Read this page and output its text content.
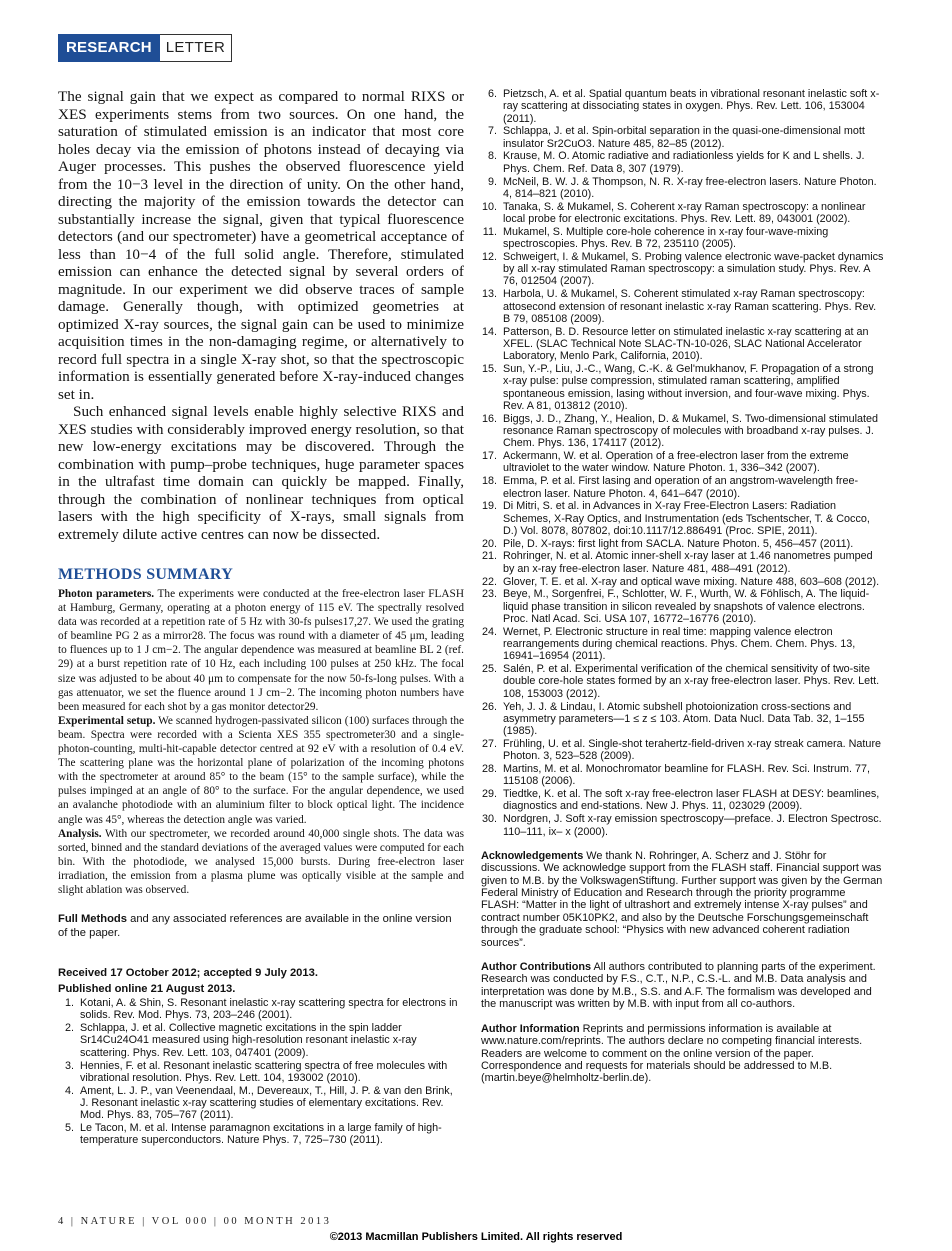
RESEARCH LETTER

The signal gain that we expect as compared to normal RIXS or XES experiments stems from two sources. On one hand, the saturation of stimulated emission is an indicator that most core holes decay via the emission of photons instead of decaying via Auger processes. This pushes the observed fluorescence yield from the 10−3 level in the direction of unity. On the other hand, directing the majority of the emission towards the detector can substantially increase the signal, given that typical fluorescence detectors (and our spectrometer) have a geometrical acceptance of less than 10−4 of the full solid angle. Therefore, stimulated emission can enhance the detected signal by several orders of magnitude. In our experiment we did observe traces of sample damage. Generally though, with optimized geometries at optimized X-ray sources, the signal gain can be used to minimize acquisition times in the non-damaging regime, or alternatively to record full spectra in a single X-ray shot, so that the spectroscopic information is essentially generated before X-ray-induced changes set in.

Such enhanced signal levels enable highly selective RIXS and XES studies with considerably improved energy resolution, so that new low-energy excitations may be discovered. Through the combination with pump–probe techniques, huge parameter spaces in the ultrafast time domain can quickly be mapped. Finally, through the combination of nonlinear techniques from optical lasers with the high specificity of X-rays, small signals from extremely dilute active centres can now be dissected.

METHODS SUMMARY

Photon parameters. The experiments were conducted at the free-electron laser FLASH at Hamburg, Germany, operating at a photon energy of 115 eV. The spectrally resolved data was recorded at a repetition rate of 5 Hz with 30-fs pulses17,27. We used the grating of beamline PG 2 as a mirror28. The focus was round with a diameter of 45 μm, leading to fluences up to 1 J cm−2. The angular dependence was measured at beamline BL 2 (ref. 29) at a burst repetition rate of 10 Hz, each including 100 pulses at 250 kHz. The focal size was adjusted to be about 40 μm to compensate for the now 50-fs-long pulses. With a gas attenuator, we set the fluence around 1 J cm−2. The incoming photon numbers have been measured for each shot by a gas monitor detector29.

Experimental setup. We scanned hydrogen-passivated silicon (100) surfaces through the beam. Spectra were recorded with a Scienta XES 355 spectrometer30 and a single-photon-counting, multi-hit-capable detector centred at 92 eV with a resolution of 0.4 eV. The scattering plane was the horizontal plane of polarization of the incoming photons with the spectrometer at around 85° to the beam (15° to the sample surface), while the pulses impinged at an angle of 80° to the surface. For the angular dependence, we used an avalanche photodiode with an aluminium filter to block optical light. The incidence angle was 45°, whereas the detection angle was varied.

Analysis. With our spectrometer, we recorded around 40,000 single shots. The data was sorted, binned and the standard deviations of the averaged values were computed for each bin. With the photodiode, we analysed 15,000 bursts. During free-electron laser irradiation, the emission from a plasma plume was optically visible at the sample and slight ablation was observed.

Full Methods and any associated references are available in the online version of the paper.

Received 17 October 2012; accepted 9 July 2013.
Published online 21 August 2013.
1. Kotani, A. & Shin, S. Resonant inelastic x-ray scattering spectra for electrons in solids. Rev. Mod. Phys. 73, 203–246 (2001).
2. Schlappa, J. et al. Collective magnetic excitations in the spin ladder Sr14Cu24O41 measured using high-resolution resonant inelastic x-ray scattering. Phys. Rev. Lett. 103, 047401 (2009).
3. Hennies, F. et al. Resonant inelastic scattering spectra of free molecules with vibrational resolution. Phys. Rev. Lett. 104, 193002 (2010).
4. Ament, L. J. P., van Veenendaal, M., Devereaux, T., Hill, J. P. & van den Brink, J. Resonant inelastic x-ray scattering studies of elementary excitations. Rev. Mod. Phys. 83, 705–767 (2011).
5. Le Tacon, M. et al. Intense paramagnon excitations in a large family of high-temperature superconductors. Nature Phys. 7, 725–730 (2011).
6. Pietzsch, A. et al. Spatial quantum beats in vibrational resonant inelastic soft x-ray scattering at dissociating states in oxygen. Phys. Rev. Lett. 106, 153004 (2011).
7. Schlappa, J. et al. Spin-orbital separation in the quasi-one-dimensional mott insulator Sr2CuO3. Nature 485, 82–85 (2012).
8. Krause, M. O. Atomic radiative and radiationless yields for K and L shells. J. Phys. Chem. Ref. Data 8, 307 (1979).
9. McNeil, B. W. J. & Thompson, N. R. X-ray free-electron lasers. Nature Photon. 4, 814–821 (2010).
10. Tanaka, S. & Mukamel, S. Coherent x-ray Raman spectroscopy: a nonlinear local probe for electronic excitations. Phys. Rev. Lett. 89, 043001 (2002).
11. Mukamel, S. Multiple core-hole coherence in x-ray four-wave-mixing spectroscopies. Phys. Rev. B 72, 235110 (2005).
12. Schweigert, I. & Mukamel, S. Probing valence electronic wave-packet dynamics by all x-ray stimulated Raman spectroscopy: a simulation study. Phys. Rev. A 76, 012504 (2007).
13. Harbola, U. & Mukamel, S. Coherent stimulated x-ray Raman spectroscopy: attosecond extension of resonant inelastic x-ray Raman scattering. Phys. Rev. B 79, 085108 (2009).
14. Patterson, B. D. Resource letter on stimulated inelastic x-ray scattering at an XFEL. (SLAC Technical Note SLAC-TN-10-026, SLAC National Accelerator Laboratory, Menlo Park, California, 2010).
15. Sun, Y.-P., Liu, J.-C., Wang, C.-K. & Gel'mukhanov, F. Propagation of a strong x-ray pulse: pulse compression, stimulated raman scattering, amplified spontaneous emission, lasing without inversion, and four-wave mixing. Phys. Rev. A 81, 013812 (2010).
16. Biggs, J. D., Zhang, Y., Healion, D. & Mukamel, S. Two-dimensional stimulated resonance Raman spectroscopy of molecules with broadband x-ray pulses. J. Chem. Phys. 136, 174117 (2012).
17. Ackermann, W. et al. Operation of a free-electron laser from the extreme ultraviolet to the water window. Nature Photon. 1, 336–342 (2007).
18. Emma, P. et al. First lasing and operation of an angstrom-wavelength free-electron laser. Nature Photon. 4, 641–647 (2010).
19. Di Mitri, S. et al. in Advances in X-ray Free-Electron Lasers: Radiation Schemes, X-Ray Optics, and Instrumentation (eds Tschentscher, T. & Cocco, D.) Vol. 8078, 807802, doi:10.1117/12.886491 (Proc. SPIE, 2011).
20. Pile, D. X-rays: first light from SACLA. Nature Photon. 5, 456–457 (2011).
21. Rohringer, N. et al. Atomic inner-shell x-ray laser at 1.46 nanometres pumped by an x-ray free-electron laser. Nature 481, 488–491 (2012).
22. Glover, T. E. et al. X-ray and optical wave mixing. Nature 488, 603–608 (2012).
23. Beye, M., Sorgenfrei, F., Schlotter, W. F., Wurth, W. & Föhlisch, A. The liquid-liquid phase transition in silicon revealed by snapshots of valence electrons. Proc. Natl Acad. Sci. USA 107, 16772–16776 (2010).
24. Wernet, P. Electronic structure in real time: mapping valence electron rearrangements during chemical reactions. Phys. Chem. Chem. Phys. 13, 16941–16954 (2011).
25. Salén, P. et al. Experimental verification of the chemical sensitivity of two-site double core-hole states formed by an x-ray free-electron laser. Phys. Rev. Lett. 108, 153003 (2012).
26. Yeh, J. J. & Lindau, I. Atomic subshell photoionization cross-sections and asymmetry parameters—1 ≤ z ≤ 103. Atom. Data Nucl. Data Tab. 32, 1–155 (1985).
27. Frühling, U. et al. Single-shot terahertz-field-driven x-ray streak camera. Nature Photon. 3, 523–528 (2009).
28. Martins, M. et al. Monochromator beamline for FLASH. Rev. Sci. Instrum. 77, 115108 (2006).
29. Tiedtke, K. et al. The soft x-ray free-electron laser FLASH at DESY: beamlines, diagnostics and end-stations. New J. Phys. 11, 023029 (2009).
30. Nordgren, J. Soft x-ray emission spectroscopy—preface. J. Electron Spectrosc. 110–111, ix– x (2000).

Acknowledgements We thank N. Rohringer, A. Scherz and J. Stöhr for discussions. We acknowledge support from the FLASH staff. Financial support was given to M.B. by the VolkswagenStiftung. Further support was given by the German Federal Ministry of Education and Research through the priority programme FLASH: “Matter in the light of ultrashort and extremely intense X-ray pulses” and contract number 05K10PK2, and also by the Deutsche Forschungsgemeinschaft through the graduate school: “Physics with new advanced coherent radiation sources”.

Author Contributions All authors contributed to planning parts of the experiment. Research was conducted by F.S., C.T., N.P., C.S.-L. and M.B. Data analysis and interpretation was done by M.B., S.S. and A.F. The formalism was developed and the manuscript was written by M.B. with input from all co-authors.

Author Information Reprints and permissions information is available at www.nature.com/reprints. The authors declare no competing financial interests. Readers are welcome to comment on the online version of the paper. Correspondence and requests for materials should be addressed to M.B. (martin.beye@helmholtz-berlin.de).

4 | NATURE | VOL 000 | 00 MONTH 2013
©2013 Macmillan Publishers Limited. All rights reserved
